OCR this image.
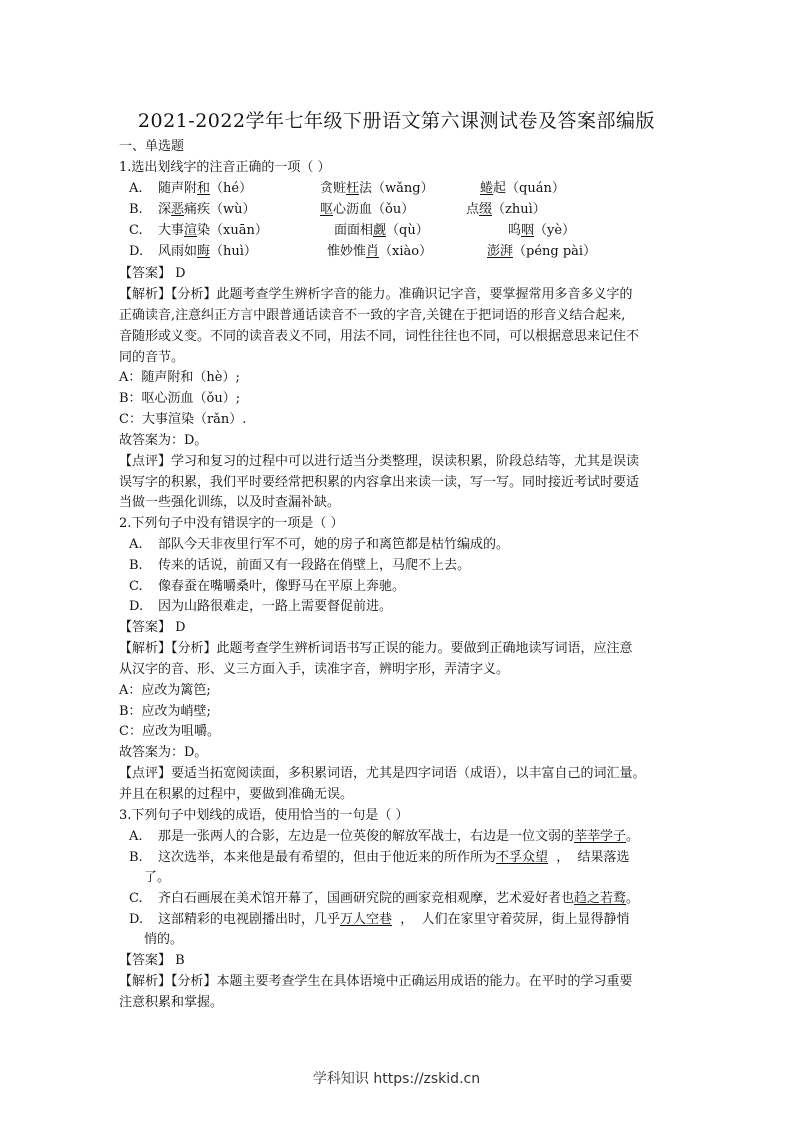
2021-2022学年七年级下册语文第六课测试卷及答案部编版
一、单选题
1.选出划线字的注音正确的一项（ ）
A. 随声附和（hé）	贪赃枉法（wǎng）	蜷起（quán）
B. 深恶痛疾（wù）	呕心沥血（ǒu）	点缀（zhuì）
C. 大事渲染（xuān）	面面相觑（qù）	呜咽（yè）
D. 风雨如晦（huì）	惟妙惟肖（xiào）	澎湃（péng pài）
【答案】 D
【解析】【分析】此题考查学生辨析字音的能力。准确识记字音，要掌握常用多音多义字的
正确读音,注意纠正方言中跟普通话读音不一致的字音,关键在于把词语的形音义结合起来,
音随形或义变。不同的读音表义不同，用法不同，词性往往也不同，可以根据意思来记住不
同的音节。
A：随声附和（hè）;
B：呕心沥血（ǒu）;
C：大事渲染（rǎn）.
故答案为：D。
【点评】学习和复习的过程中可以进行适当分类整理，误读积累，阶段总结等，尤其是误读
误写字的积累，我们平时要经常把积累的内容拿出来读一读，写一写。同时接近考试时要适
当做一些强化训练，以及时查漏补缺。
2.下列句子中没有错误字的一项是（ ）
A. 部队今天非夜里行军不可，她的房子和离笆都是枯竹编成的。
B. 传来的话说，前面又有一段路在俏壁上，马爬不上去。
C. 像春蚕在嘴嚼桑叶，像野马在平原上奔驰。
D. 因为山路很难走，一路上需要督促前进。
【答案】 D
【解析】【分析】此题考查学生辨析词语书写正误的能力。要做到正确地读写词语，应注意
从汉字的音、形、义三方面入手，读准字音，辨明字形，弄清字义。
A：应改为篱笆;
B：应改为峭壁;
C：应改为咀嚼。
故答案为：D。
【点评】要适当拓宽阅读面，多积累词语，尤其是四字词语（成语），以丰富自己的词汇量。
并且在积累的过程中，要做到准确无误。
3.下列句子中划线的成语，使用恰当的一句是（ ）
A. 那是一张两人的合影，左边是一位英俊的解放军战士，右边是一位文弱的莘莘学子。
B. 这次选举，本来他是最有希望的，但由于他近来的所作所为不孚众望  ，  结果落选
了。
C. 齐白石画展在美术馆开幕了，国画研究院的画家竞相观摩，艺术爱好者也趋之若鹜。
D. 这部精彩的电视剧播出时，几乎万人空巷  ，  人们在家里守着荧屏，街上显得静悄
悄的。
【答案】 B
【解析】【分析】本题主要考查学生在具体语境中正确运用成语的能力。在平时的学习重要
注意积累和掌握。
学科知识 https://zskid.cn
